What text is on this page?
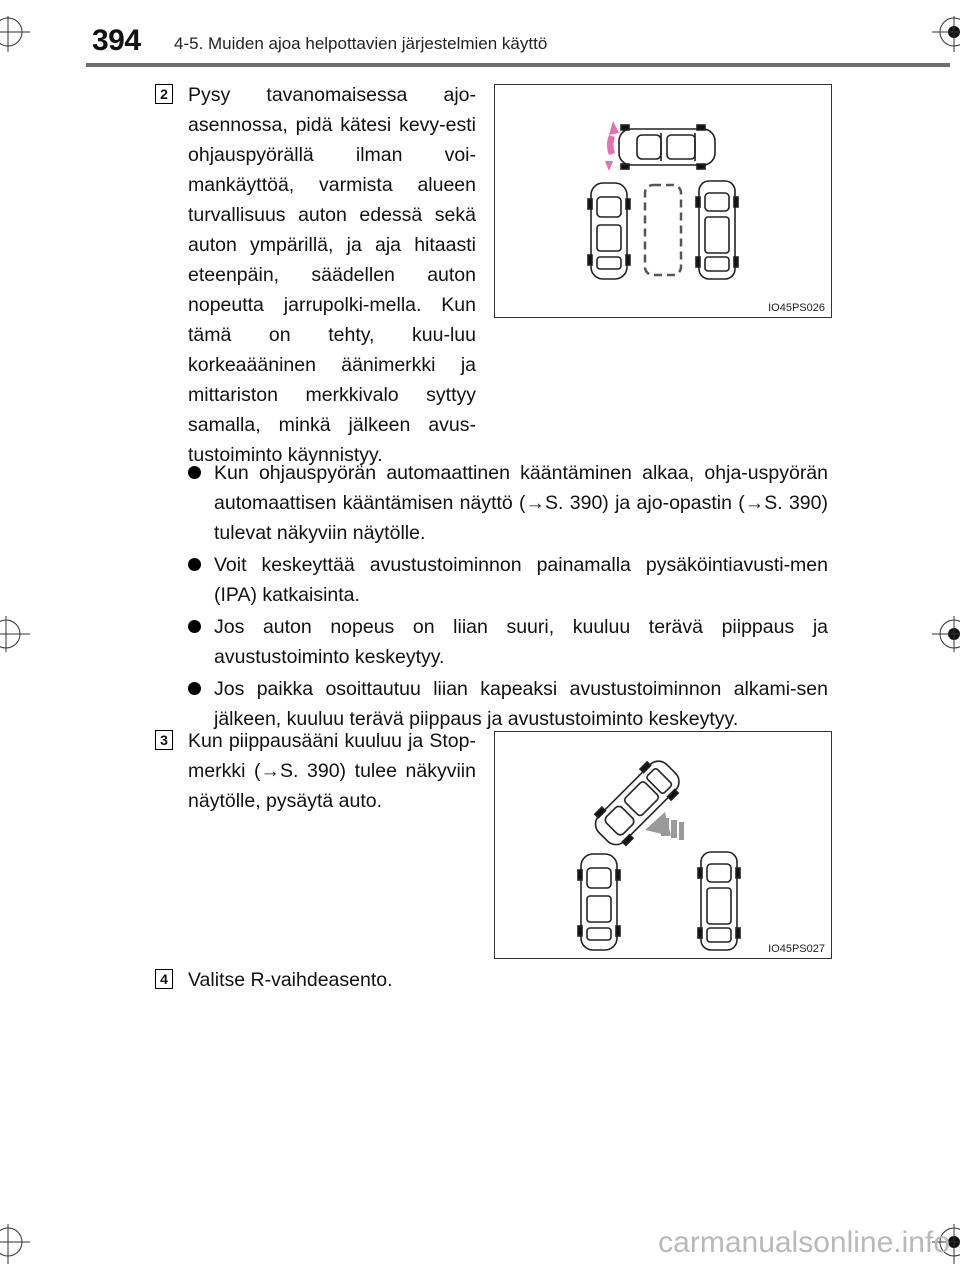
394 4-5. Muiden ajoa helpottavien järjestelmien käyttö
2 Pysy tavanomaisessa ajo-asennossa, pidä kätesi kevy-esti ohjauspyörällä ilman voi-mankäyttöä, varmista alueen turvallisuus auton edessä sekä auton ympärillä, ja aja hitaasti eteenpäin, säädellen auton nopeutta jarrupolki-mella. Kun tämä on tehty, kuu-luu korkeaääninen äänimerkki ja mittariston merkkivalo syttyy samalla, minkä jälkeen avus-tustoiminto käynnistyy.
IO45PS026
Kun ohjauspyörän automaattinen kääntäminen alkaa, ohja-uspyörän automaattisen kääntämisen näyttö (→S. 390) ja ajo-opastin (→S. 390) tulevat näkyviin näytölle.
Voit keskeyttää avustustoiminnon painamalla pysäköintiavusti-men (IPA) katkaisinta.
Jos auton nopeus on liian suuri, kuuluu terävä piippaus ja avustustoiminto keskeytyy.
Jos paikka osoittautuu liian kapeaksi avustustoiminnon alkami-sen jälkeen, kuuluu terävä piippaus ja avustustoiminto keskeytyy.
3 Kun piippausääni kuuluu ja Stop-merkki (→S. 390) tulee näkyviin näytölle, pysäytä auto.
IO45PS027
4 Valitse R-vaihdeasento.
carmanualsonline.info
